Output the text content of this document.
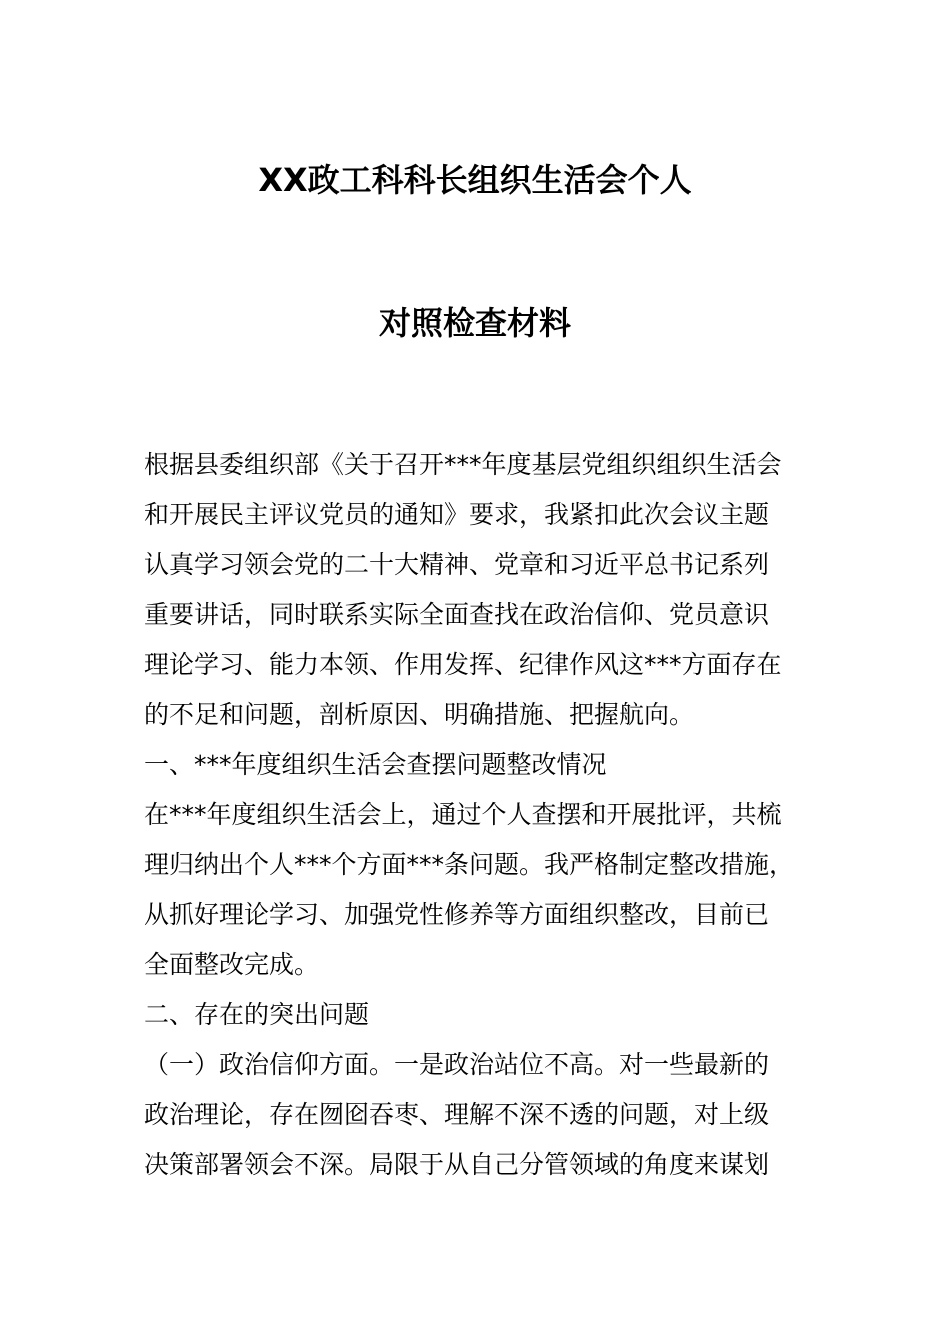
XX政工科科长组织生活会个人
对照检查材料
根据县委组织部《关于召开***年度基层党组织组织生活会
和开展民主评议党员的通知》要求，我紧扣此次会议主题
认真学习领会党的二十大精神、党章和习近平总书记系列
重要讲话，同时联系实际全面查找在政治信仰、党员意识
理论学习、能力本领、作用发挥、纪律作风这***方面存在
的不足和问题，剖析原因、明确措施、把握航向。
一、***年度组织生活会查摆问题整改情况
在***年度组织生活会上，通过个人查摆和开展批评，共梳
理归纳出个人***个方面***条问题。我严格制定整改措施，
从抓好理论学习、加强党性修养等方面组织整改，目前已
全面整改完成。
二、存在的突出问题
（一）政治信仰方面。一是政治站位不高。对一些最新的
政治理论，存在囫囵吞枣、理解不深不透的问题，对上级
决策部署领会不深。局限于从自己分管领域的角度来谋划
